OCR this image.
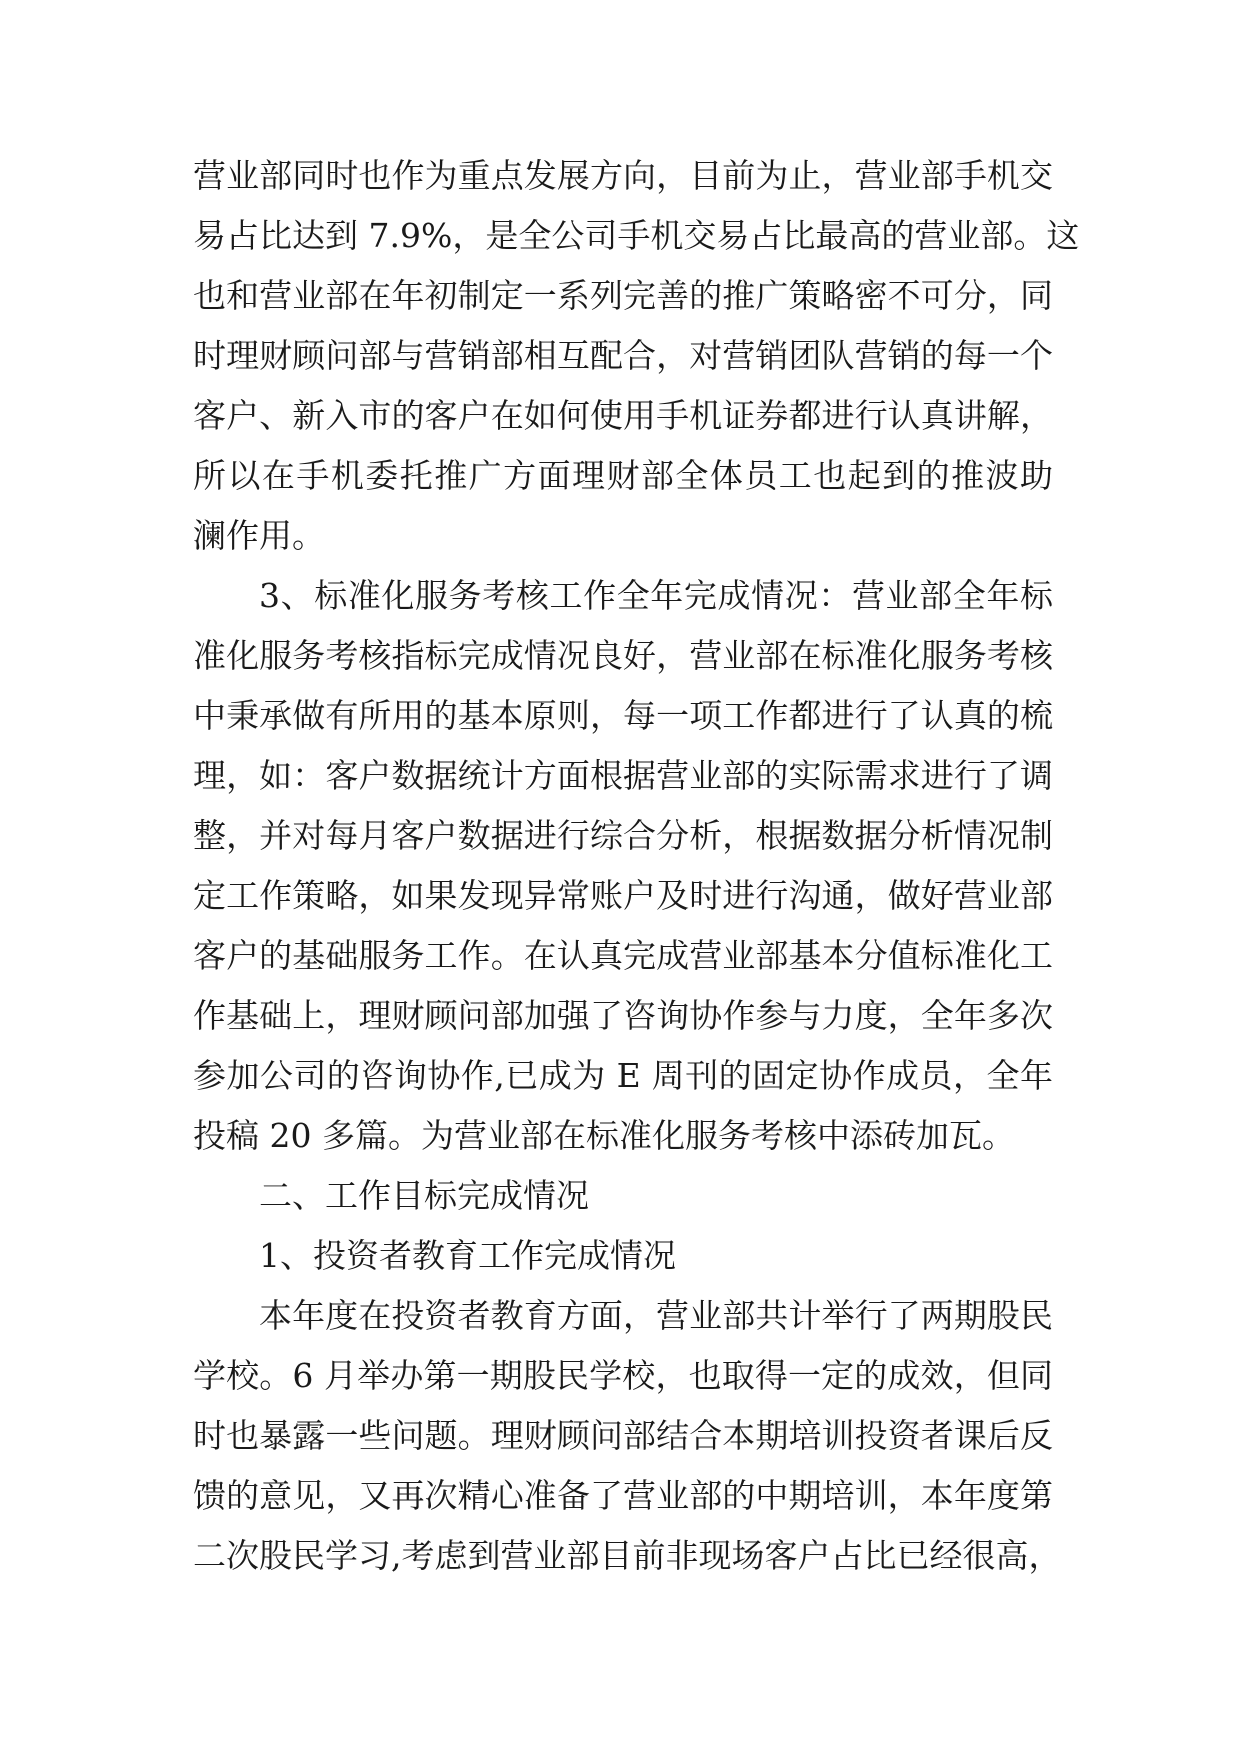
营业部同时也作为重点发展方向，目前为止，营业部手机交
易占比达到 7.9%，是全公司手机交易占比最高的营业部。这
也和营业部在年初制定一系列完善的推广策略密不可分，同
时理财顾问部与营销部相互配合，对营销团队营销的每一个
客户、新入市的客户在如何使用手机证券都进行认真讲解，
所以在手机委托推广方面理财部全体员工也起到的推波助
澜作用。
3、标准化服务考核工作全年完成情况：营业部全年标
准化服务考核指标完成情况良好，营业部在标准化服务考核
中秉承做有所用的基本原则，每一项工作都进行了认真的梳
理，如：客户数据统计方面根据营业部的实际需求进行了调
整，并对每月客户数据进行综合分析，根据数据分析情况制
定工作策略，如果发现异常账户及时进行沟通，做好营业部
客户的基础服务工作。在认真完成营业部基本分值标准化工
作基础上，理财顾问部加强了咨询协作参与力度，全年多次
参加公司的咨询协作,已成为 E 周刊的固定协作成员，全年
投稿 20 多篇。为营业部在标准化服务考核中添砖加瓦。
二、工作目标完成情况
1、投资者教育工作完成情况
本年度在投资者教育方面，营业部共计举行了两期股民
学校。6 月举办第一期股民学校，也取得一定的成效，但同
时也暴露一些问题。理财顾问部结合本期培训投资者课后反
馈的意见，又再次精心准备了营业部的中期培训，本年度第
二次股民学习,考虑到营业部目前非现场客户占比已经很高，
